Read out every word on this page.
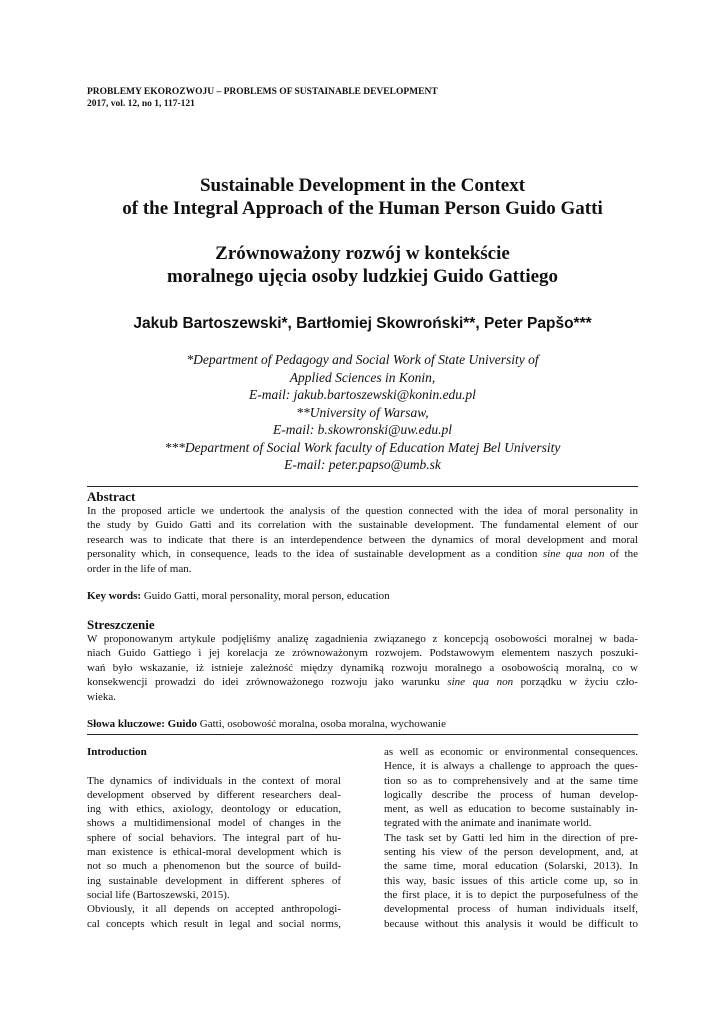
PROBLEMY EKOROZWOJU – PROBLEMS OF SUSTAINABLE DEVELOPMENT
2017, vol. 12, no 1, 117-121
Sustainable Development in the Context
of the Integral Approach of the Human Person Guido Gatti
Zrównoważony rozwój w kontekście
moralnego ujęcia osoby ludzkiej Guido Gattiego
Jakub Bartoszewski*, Bartłomiej Skowroński**, Peter Papšo***
*Department of Pedagogy and Social Work of State University of
Applied Sciences in Konin,
E-mail: jakub.bartoszewski@konin.edu.pl
**University of Warsaw,
E-mail: b.skowronski@uw.edu.pl
***Department of Social Work faculty of Education Matej Bel University
E-mail: peter.papso@umb.sk
Abstract
In the proposed article we undertook the analysis of the question connected with the idea of moral personality in
the study by Guido Gatti and its correlation with the sustainable development. The fundamental element of our
research was to indicate that there is an interdependence between the dynamics of moral development and moral
personality which, in consequence, leads to the idea of sustainable development as a condition sine qua non of the
order in the life of man.
Key words: Guido Gatti, moral personality, moral person, education
Streszczenie
W proponowanym artykule podjęliśmy analizę zagadnienia związanego z koncepcją osobowości moralnej w bada-
niach Guido Gattiego i jej korelacja ze zrównoważonym rozwojem. Podstawowym elementem naszych poszuki-
wań było wskazanie, iż istnieje zależność między dynamiką rozwoju moralnego a osobowością moralną, co w
konsekwencji prowadzi do idei zrównoważonego rozwoju jako warunku sine qua non porządku w życiu czło-
wieka.
Słowa kluczowe: Guido Gatti, osobowość moralna, osoba moralna, wychowanie
Introduction
The dynamics of individuals in the context of moral
development observed by different researchers deal-
ing with ethics, axiology, deontology or education,
shows a multidimensional model of changes in the
sphere of social behaviors. The integral part of hu-
man existence is ethical-moral development which is
not so much a phenomenon but the source of build-
ing sustainable development in different spheres of
social life (Bartoszewski, 2015).
Obviously, it all depends on accepted anthropologi-
cal concepts which result in legal and social norms,
as well as economic or environmental consequences.
Hence, it is always a challenge to approach the ques-
tion so as to comprehensively and at the same time
logically describe the process of human develop-
ment, as well as education to become sustainably in-
tegrated with the animate and inanimate world.
The task set by Gatti led him in the direction of pre-
senting his view of the person development, and, at
the same time, moral education (Solarski, 2013). In
this way, basic issues of this article come up, so in
the first place, it is to depict the purposefulness of the
developmental process of human individuals itself,
because without this analysis it would be difficult to
